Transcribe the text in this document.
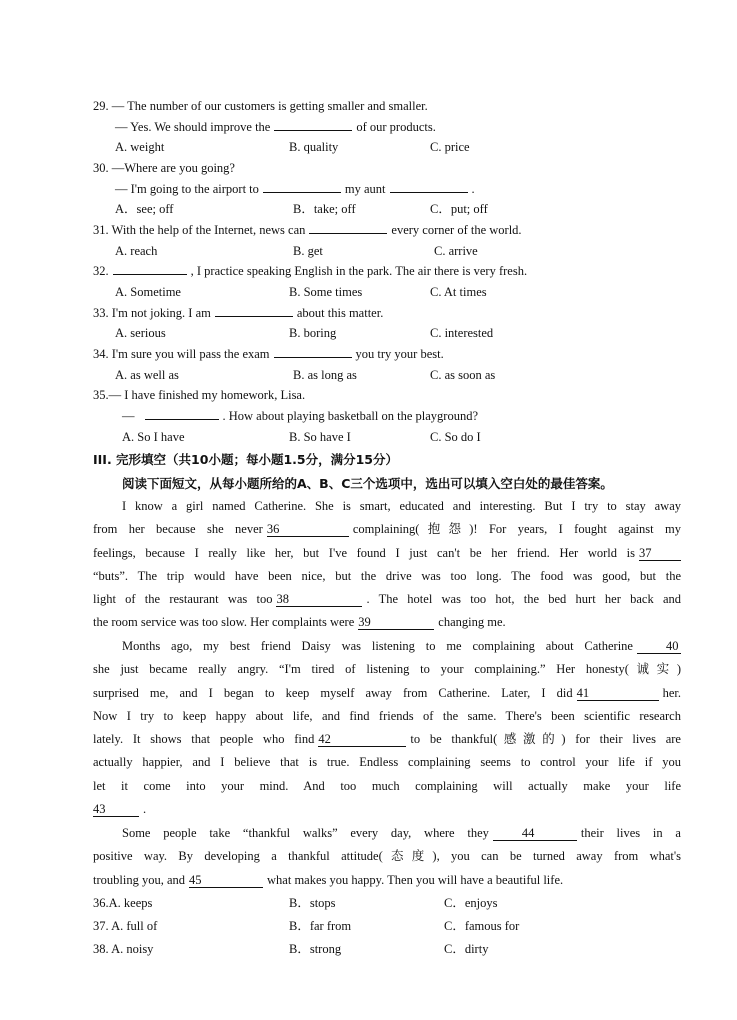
29. — The number of our customers is getting smaller and smaller.
— Yes. We should improve the	of our products.
A. weight	B. quality	C. price
30. —Where are you going?
— I'm going to the airport to	my aunt	.
A．see; off	B．take; off	C．put; off
31. With the help of the Internet, news can	every corner of the world.
A. reach	B. get	C. arrive
32.	, I practice speaking English in the park. The air there is very fresh.
A. Sometime	B. Some times	C. At times
33. I'm not joking. I am	about this matter.
A. serious	B. boring	C. interested
34. I'm sure you will pass the exam	you try your best.
A. as well as	B. as long as	C. as soon as
35.— I have finished my homework, Lisa.
—	. How about playing basketball on the playground?
A. So I have	B. So have I	C. So do I
III. 完形填空（共10小题；每小题1.5分，满分15分）
阅读下面短文，从每小题所给的A、B、C三个选项中，选出可以填入空白处的最佳答案。
I know a girl named Catherine. She is smart, educated and interesting. But I try to stay away
from her because she never 36	complaining(抱怨)! For years, I fought against my
feelings, because I really like her, but I've found I just can't be her friend. Her world is 37
“buts”. The trip would have been nice, but the drive was too long. The food was good, but the
light of the restaurant was too 38	. The hotel was too hot, the bed hurt her back and
the room service was too slow. Her complaints were 39	changing me.
Months ago, my best friend Daisy was listening to me complaining about Catherine	40
she just became really angry. “I'm tired of listening to your complaining.” Her honesty(诚实)
surprised me, and I began to keep myself away from Catherine. Later, I did 41	her.
Now I try to keep happy about life, and find friends of the same. There's been scientific research
lately. It shows that people who find 42	to be thankful(感激的) for their lives are
actually happier, and I believe that is true. Endless complaining seems to control your life if you
let it come into your mind. And too much complaining will actually make your life
43	.
Some people take “thankful walks” every day, where they	44	their lives in a
positive way. By developing a thankful attitude(态度), you can be turned away from what's
troubling you, and 45	what makes you happy. Then you will have a beautiful life.
36.A. keeps	B．stops	C．enjoys
37. A. full of	B．far from	C．famous for
38. A. noisy	B．strong	C．dirty
